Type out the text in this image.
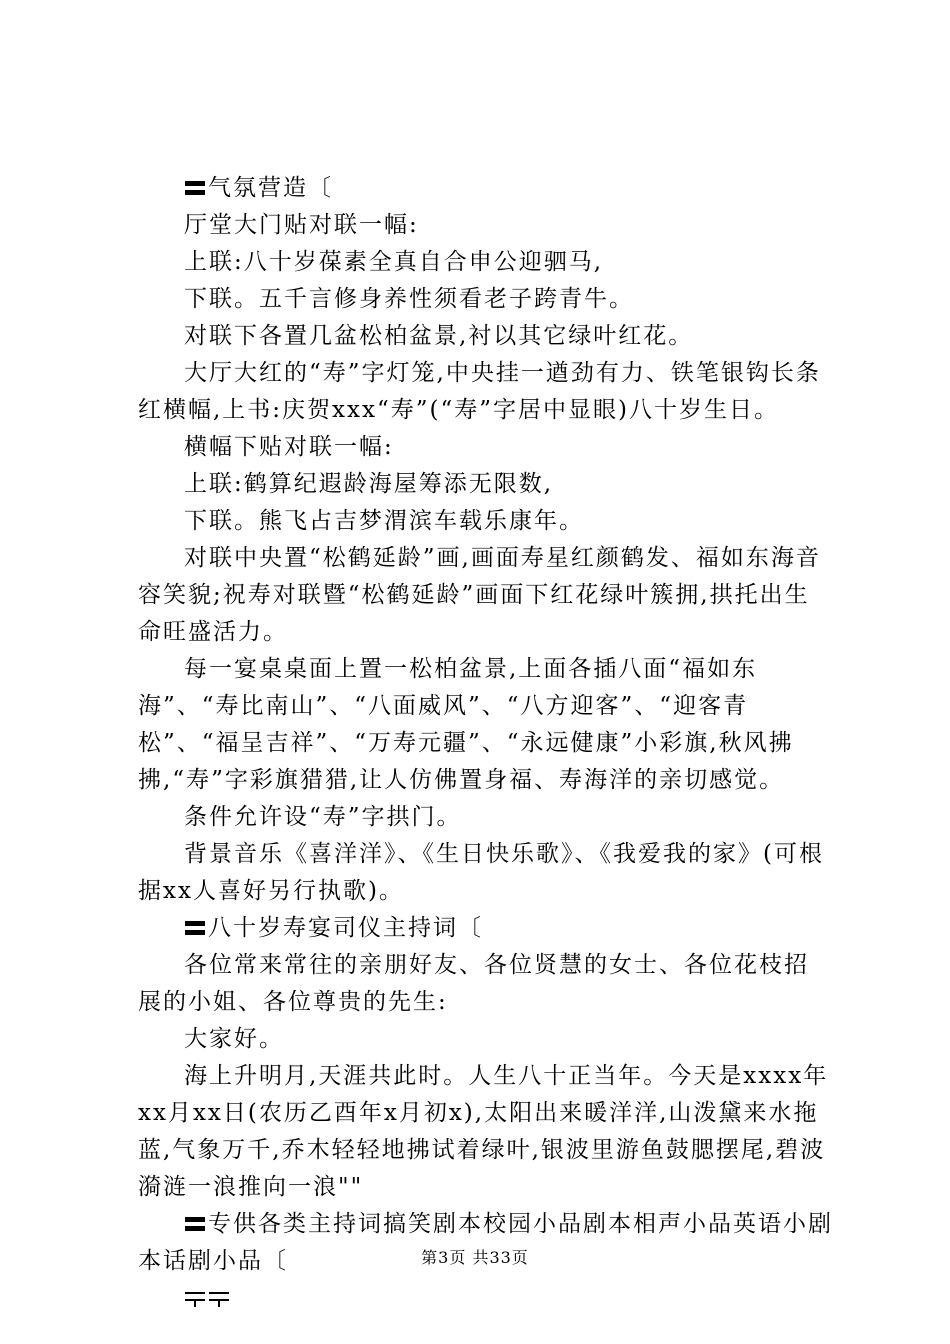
气氛营造〔

厅堂大门贴对联一幅:

上联:八十岁葆素全真自合申公迎驷马,

下联。五千言修身养性须看老子跨青牛。

对联下各置几盆松柏盆景,衬以其它绿叶红花。

大厅大红的“寿”字灯笼,中央挂一遒劲有力、铁笔银钩长条红横幅,上书:庆贺xxx“寿”(“寿”字居中显眼)八十岁生日。

横幅下贴对联一幅:

上联:鹤算纪遐龄海屋筹添无限数,

下联。熊飞占吉梦渭滨车载乐康年。

对联中央置“松鹤延龄”画,画面寿星红颜鹤发、福如东海音容笑貌;祝寿对联暨“松鹤延龄”画面下红花绿叶簇拥,拱托出生命旺盛活力。

每一宴桌桌面上置一松柏盆景,上面各插八面“福如东海”、“寿比南山”、“八面威风”、“八方迎客”、“迎客青松”、“福呈吉祥”、“万寿元疆”、“永远健康”小彩旗,秋风拂拂,“寿”字彩旗猎猎,让人仿佛置身福、寿海洋的亲切感觉。

条件允许设“寿”字拱门。

背景音乐《喜洋洋》、《生日快乐歌》、《我爱我的家》(可根据xx人喜好另行执歌)。

八十岁寿宴司仪主持词〔

各位常来常往的亲朋好友、各位贤慧的女士、各位花枝招展的小姐、各位尊贵的先生:

大家好。

海上升明月,天涯共此时。人生八十正当年。今天是xxxx年xx月xx日(农历乙酉年x月初x),太阳出来暖洋洋,山泼黛来水拖蓝,气象万千,乔木轻轻地拂试着绿叶,银波里游鱼鼓腮摆尾,碧波漪涟一浪推向一浪""

专供各类主持词搞笑剧本校园小品剧本相声小品英语小剧本话剧小品〔	第3页 共33页
